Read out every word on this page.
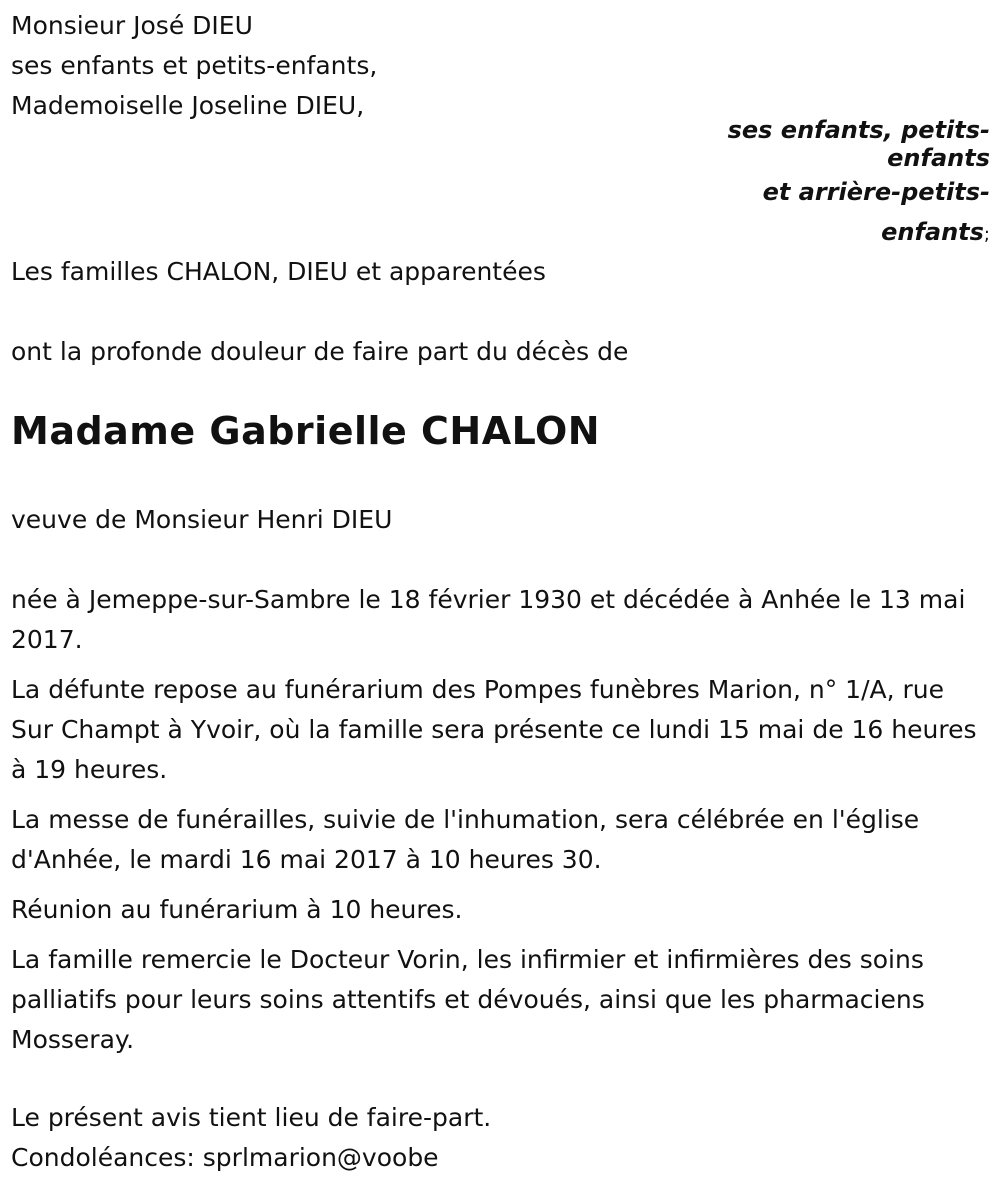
Monsieur José DIEU
ses enfants et petits-enfants,
Mademoiselle Joseline DIEU,
ses enfants, petits-
enfants
et arrière-petits-
enfants;
Les familles CHALON, DIEU et apparentées
ont la profonde douleur de faire part du décès de
Madame Gabrielle CHALON
veuve de Monsieur Henri DIEU

née à Jemeppe-sur-Sambre le 18 février 1930 et décédée à Anhée le 13 mai 2017.

La défunte repose au funérarium des Pompes funèbres Marion, n° 1/A, rue Sur Champt à Yvoir, où la famille sera présente ce lundi 15 mai de 16 heures à 19 heures.

La messe de funérailles, suivie de l'inhumation, sera célébrée en l'église d'Anhée, le mardi 16 mai 2017 à 10 heures 30.

Réunion au funérarium à 10 heures.

La famille remercie le Docteur Vorin, les infirmier et infirmières des soins palliatifs pour leurs soins attentifs et dévoués, ainsi que les pharmaciens Mosseray.

Le présent avis tient lieu de faire-part.
Condoléances: sprlmarion@voobe
